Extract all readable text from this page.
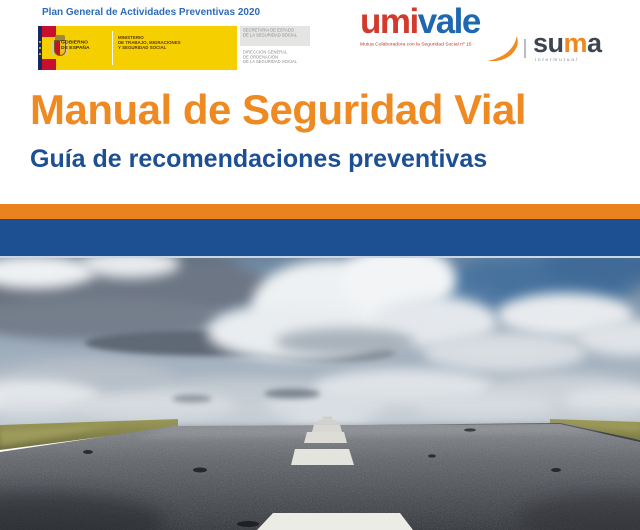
Plan General de Actividades Preventivas 2020
GOBIERNO
DE ESPAÑA
MINISTERIO
DE TRABAJO, MIGRACIONES
Y SEGURIDAD SOCIAL
SECRETARÍA DE ESTADO
DE LA SEGURIDAD SOCIAL
DIRECCIÓN GENERAL
DE ORDENACIÓN
DE LA SEGURIDAD SOCIAL
umivale
Mutua Colaboradora con la Seguridad Social nº 15 suma
intermutual
Manual de Seguridad Vial
Guía de recomendaciones preventivas
